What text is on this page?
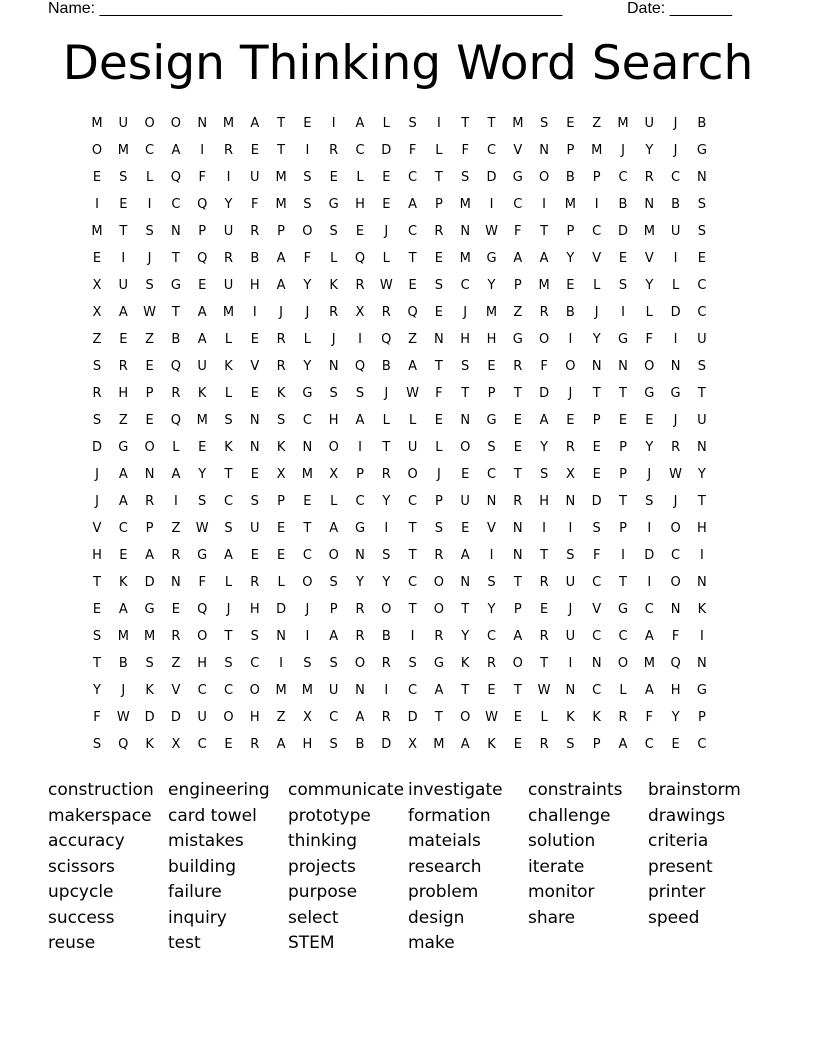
Name: ____________________________________________________	Date: _______
Design Thinking Word Search
M	U	O	O	N	M	A	T	E	I	A	L	S	I	T	T	M	S	E	Z	M	U	J	B
O	M	C	A	I	R	E	T	I	R	C	D	F	L	F	C	V	N	P	M	J	Y	J	G
E	S	L	Q	F	I	U	M	S	E	L	E	C	T	S	D	G	O	B	P	C	R	C	N
I	E	I	C	Q	Y	F	M	S	G	H	E	A	P	M	I	C	I	M	I	B	N	B	S
M	T	S	N	P	U	R	P	O	S	E	J	C	R	N	W	F	T	P	C	D	M	U	S
E	I	J	T	Q	R	B	A	F	L	Q	L	T	E	M	G	A	A	Y	V	E	V	I	E
X	U	S	G	E	U	H	A	Y	K	R	W	E	S	C	Y	P	M	E	L	S	Y	L	C
X	A	W	T	A	M	I	J	J	R	X	R	Q	E	J	M	Z	R	B	J	I	L	D	C
Z	E	Z	B	A	L	E	R	L	J	I	Q	Z	N	H	H	G	O	I	Y	G	F	I	U
S	R	E	Q	U	K	V	R	Y	N	Q	B	A	T	S	E	R	F	O	N	N	O	N	S
R	H	P	R	K	L	E	K	G	S	S	J	W	F	T	P	T	D	J	T	T	G	G	T
S	Z	E	Q	M	S	N	S	C	H	A	L	L	E	N	G	E	A	E	P	E	E	J	U
D	G	O	L	E	K	N	K	N	O	I	T	U	L	O	S	E	Y	R	E	P	Y	R	N
J	A	N	A	Y	T	E	X	M	X	P	R	O	J	E	C	T	S	X	E	P	J	W	Y
J	A	R	I	S	C	S	P	E	L	C	Y	C	P	U	N	R	H	N	D	T	S	J	T
V	C	P	Z	W	S	U	E	T	A	G	I	T	S	E	V	N	I	I	S	P	I	O	H
H	E	A	R	G	A	E	E	C	O	N	S	T	R	A	I	N	T	S	F	I	D	C	I
T	K	D	N	F	L	R	L	O	S	Y	Y	C	O	N	S	T	R	U	C	T	I	O	N
E	A	G	E	Q	J	H	D	J	P	R	O	T	O	T	Y	P	E	J	V	G	C	N	K
S	M	M	R	O	T	S	N	I	A	R	B	I	R	Y	C	A	R	U	C	C	A	F	I
T	B	S	Z	H	S	C	I	S	S	O	R	S	G	K	R	O	T	I	N	O	M	Q	N
Y	J	K	V	C	C	O	M	M	U	N	I	C	A	T	E	T	W	N	C	L	A	H	G
F	W	D	D	U	O	H	Z	X	C	A	R	D	T	O	W	E	L	K	K	R	F	Y	P
S	Q	K	X	C	E	R	A	H	S	B	D	X	M	A	K	E	R	S	P	A	C	E	C
construction engineering communicate investigate constraints brainstorm
makerspace card towel prototype formation challenge drawings
accuracy	mistakes	thinking	mateials	solution	criteria
scissors	building	projects	research	iterate	present
upcycle	failure	purpose	problem	monitor	printer
success	inquiry	select	design	share	speed
reuse	test	STEM	make
